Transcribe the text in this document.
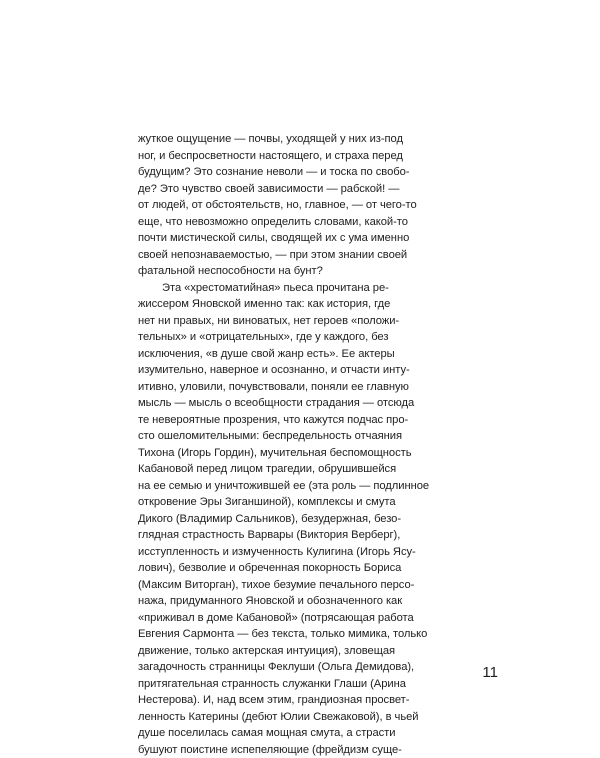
жуткое ощущение — почвы, уходящей у них из-под
ног, и беспросветности настоящего, и страха перед
будущим? Это сознание неволи — и тоска по свобо-
де? Это чувство своей зависимости — рабской! —
от людей, от обстоятельств, но, главное, — от чего-то
еще, что невозможно определить словами, какой-то
почти мистической силы, сводящей их с ума именно
своей непознаваемостью, — при этом знании своей
фатальной неспособности на бунт?
Эта «хрестоматийная» пьеса прочитана ре-
жиссером Яновской именно так: как история, где
нет ни правых, ни виноватых, нет героев «положи-
тельных» и «отрицательных», где у каждого, без
исключения, «в душе свой жанр есть». Ее актеры
изумительно, наверное и осознанно, и отчасти инту-
итивно, уловили, почувствовали, поняли ее главную
мысль — мысль о всеобщности страдания — отсюда
те невероятные прозрения, что кажутся подчас про-
сто ошеломительными: беспредельность отчаяния
Тихона (Игорь Гордин), мучительная беспомощность
Кабановой перед лицом трагедии, обрушившейся
на ее семью и уничтожившей ее (эта роль — подлинное
откровение Эры Зиганшиной), комплексы и смута
Дикого (Владимир Сальников), безудержная, безо-
глядная страстность Варвары (Виктория Верберг),
исступленность и измученность Кулигина (Игорь Ясу-
лович), безволие и обреченная покорность Бориса
(Максим Виторган), тихое безумие печального персо-
нажа, придуманного Яновской и обозначенного как
«приживал в доме Кабановой» (потрясающая работа
Евгения Сармонта — без текста, только мимика, только
движение, только актерская интуиция), зловещая
загадочность странницы Феклуши (Ольга Демидова),
притягательная странность служанки Глаши (Арина
Нестерова). И, над всем этим, грандиозная просвет-
ленность Катерины (дебют Юлии Свежаковой), в чьей
душе поселилась самая мощная смута, а страсти
бушуют поистине испепеляющие (фрейдизм суще-
11
